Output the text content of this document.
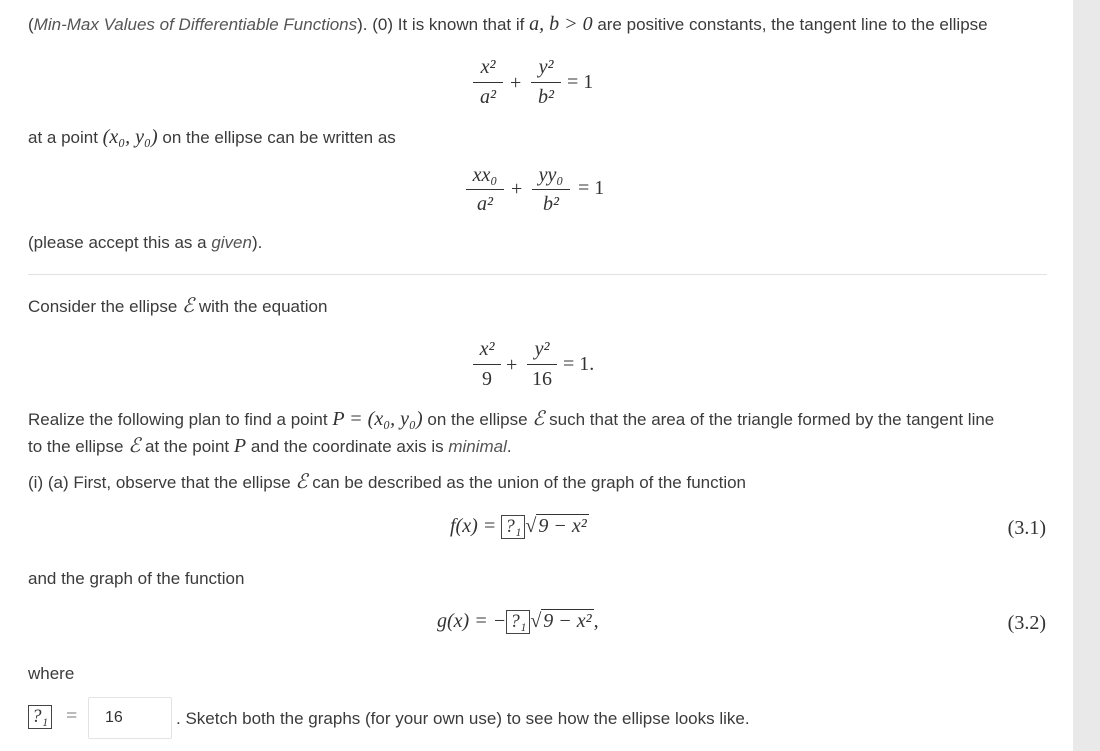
(Min-Max Values of Differentiable Functions). (0) It is known that if a, b > 0 are positive constants, the tangent line to the ellipse
x²
a²
+
y²
b²
= 1
at a point (x₀, y₀) on the ellipse can be written as
xx₀
a²
+
yy₀
b²
= 1
(please accept this as a given).
Consider the ellipse ℰ with the equation
x²
9
+
y²
16
= 1.
Realize the following plan to find a point P = (x₀, y₀) on the ellipse ℰ such that the area of the triangle formed by the tangent line
to the ellipse ℰ at the point P and the coordinate axis is minimal.
(i) (a) First, observe that the ellipse ℰ can be described as the union of the graph of the function
f(x) = ?₁ √ 9 − x²	(3.1)
and the graph of the function
g(x) = − ?₁ √ 9 − x² ,	(3.2)
where
?₁ =
16	. Sketch both the graphs (for your own use) to see how the ellipse looks like.
